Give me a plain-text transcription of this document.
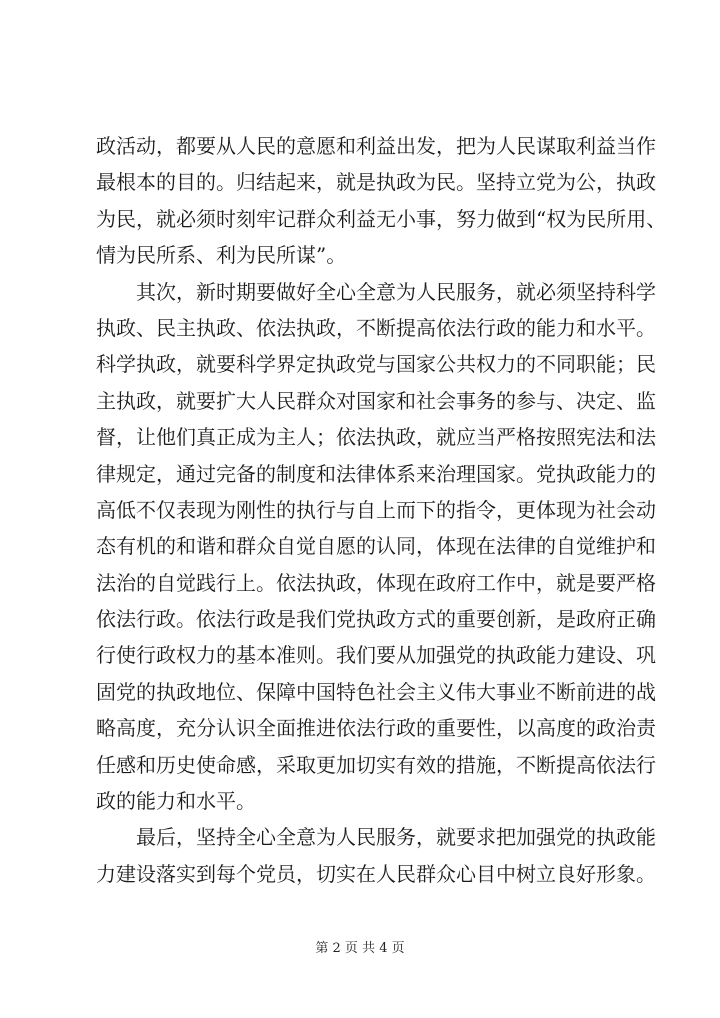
政活动，都要从人民的意愿和利益出发，把为人民谋取利益当作
最根本的目的。归结起来，就是执政为民。坚持立党为公，执政
为民，就必须时刻牢记群众利益无小事，努力做到“权为民所用、
情为民所系、利为民所谋”。
其次，新时期要做好全心全意为人民服务，就必须坚持科学
执政、民主执政、依法执政，不断提高依法行政的能力和水平。
科学执政，就要科学界定执政党与国家公共权力的不同职能；民
主执政，就要扩大人民群众对国家和社会事务的参与、决定、监
督，让他们真正成为主人；依法执政，就应当严格按照宪法和法
律规定，通过完备的制度和法律体系来治理国家。党执政能力的
高低不仅表现为刚性的执行与自上而下的指令，更体现为社会动
态有机的和谐和群众自觉自愿的认同，体现在法律的自觉维护和
法治的自觉践行上。依法执政，体现在政府工作中，就是要严格
依法行政。依法行政是我们党执政方式的重要创新，是政府正确
行使行政权力的基本准则。我们要从加强党的执政能力建设、巩
固党的执政地位、保障中国特色社会主义伟大事业不断前进的战
略高度，充分认识全面推进依法行政的重要性，以高度的政治责
任感和历史使命感，采取更加切实有效的措施，不断提高依法行
政的能力和水平。
最后，坚持全心全意为人民服务，就要求把加强党的执政能
力建设落实到每个党员，切实在人民群众心目中树立良好形象。
第 2 页 共 4 页
